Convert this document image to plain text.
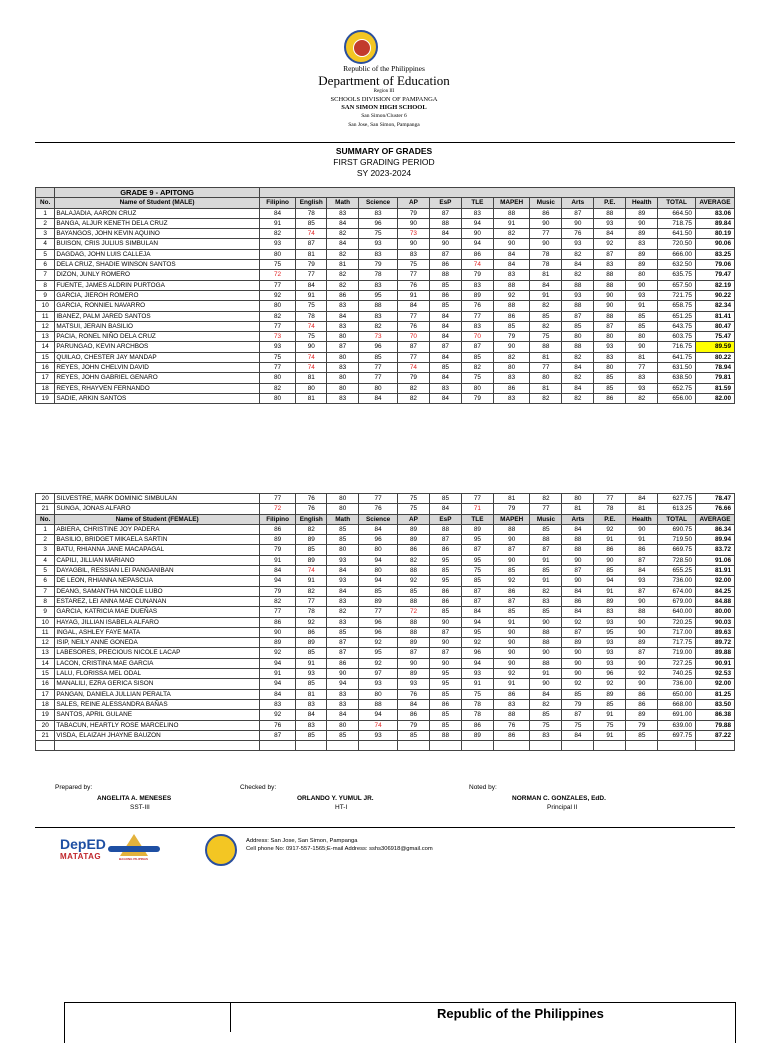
Republic of the Philippines
Department of Education
Region III
SCHOOLS DIVISION OF PAMPANGA
SAN SIMON HIGH SCHOOL
San Simon/Cluster 6
San Jose, San Simon, Pampanga
SUMMARY OF GRADES
FIRST GRADING PERIOD
SY 2023-2024
	GRADE 9 - APITONG														
No.	Name of Student (MALE)	Filipino	English	Math	Science	AP	EsP	TLE	MAPEH	Music	Arts	P.E.	Health	TOTAL	AVERAGE
1	BALAJADIA, AARON CRUZ	84	78	83	83	79	87	83	88	86	87	88	89	664.50	83.06
2	BANGA, ALJUR KENETH DELA CRUZ	91	85	84	96	90	88	94	91	90	90	93	90	718.75	89.84
3	BAYANGOS, JOHN KEVIN AQUINO	82	74	82	75	73	84	90	82	77	76	84	89	641.50	80.19
4	BUISON, CRIS JULIUS SIMBULAN	93	87	84	93	90	90	94	90	90	93	92	83	720.50	90.06
5	DAGDAG, JOHN LUIS CALLEJA	80	81	82	83	83	87	86	84	78	82	87	89	666.00	83.25
6	DELA CRUZ, SHADIE WINSON SANTOS	75	79	81	79	75	86	74	84	78	84	83	89	632.50	79.06
7	DIZON, JUNLY ROMERO	72	77	82	78	77	88	79	83	81	82	88	80	635.75	79.47
8	FUENTE, JAMES ALDRIN PURTOGA	77	84	82	83	76	85	83	88	84	88	88	90	657.50	82.19
9	GARCIA, JIEROH ROMERO	92	91	86	95	91	86	89	92	91	93	90	93	721.75	90.22
10	GARCIA, RONNIEL NAVARRO	80	75	83	88	84	85	76	88	82	88	90	91	658.75	82.34
11	IBANEZ, PALM JARED SANTOS	82	78	84	83	77	84	77	86	85	87	88	85	651.25	81.41
12	MATSUI, JERAIN BASILIO	77	74	83	82	76	84	83	85	82	85	87	85	643.75	80.47
13	PACIA, RONEL NIÑO DELA CRUZ	73	75	80	73	70	84	70	79	75	80	80	80	603.75	75.47
14	PARUNGAO, KEVIN ARCHBOS	93	90	87	96	87	87	87	90	88	88	93	90	716.75	89.59
15	QUILAO, CHESTER JAY MANDAP	75	74	80	85	77	84	85	82	81	82	83	81	641.75	80.22
16	REYES, JOHN CHELVIN DAVID	77	74	83	77	74	85	82	80	77	84	80	77	631.50	78.94
17	REYES, JOHN GABRIEL GENARO	80	81	80	77	79	84	75	83	80	82	85	83	638.50	79.81
18	REYES, RHAYVEN FERNANDO	82	80	80	80	82	83	80	86	81	84	85	93	652.75	81.59
19	SADIE, ARKIN SANTOS	80	81	83	84	82	84	79	83	82	82	86	82	656.00	82.00
20	SILVESTRE, MARK DOMINIC SIMBULAN	77	76	80	77	75	85	77	81	82	80	77	84	627.75	78.47
21	SUNGA, JONAS ALFARO	72	76	80	76	75	84	71	79	77	81	78	81	613.25	76.66
No.	Name of Student (FEMALE)	Filipino	English	Math	Science	AP	EsP	TLE	MAPEH	Music	Arts	P.E.	Health	TOTAL	AVERAGE
1	ABIERA, CHRISTINE JOY PADERA	86	82	85	84	89	88	89	88	85	84	92	90	690.75	86.34
2	BASILIO, BRIDGET MIKAELA SARTIN	89	89	85	96	89	87	95	90	88	88	91	91	719.50	89.94
3	BATU, RHIANNA JANE MACAPAGAL	79	85	80	80	86	86	87	87	87	88	86	86	669.75	83.72
4	CAPILI, JILLIAN MARIANO	91	89	93	94	82	95	95	90	91	90	90	87	728.50	91.06
5	DAYAGBIL, RESSIAN LEI PANGANIBAN	84	74	84	80	88	85	75	85	85	87	85	84	655.25	81.91
6	DE LEON, RHIANNA NEPASCUA	94	91	93	94	92	95	85	92	91	90	94	93	736.00	92.00
7	DEANG, SAMANTHA NICOLE LUBO	79	82	84	85	85	86	87	86	82	84	91	87	674.00	84.25
8	ESTAREZ, LEI ANNA MAE CUNANAN	82	77	83	89	88	86	87	87	83	86	89	90	679.00	84.88
9	GARCIA, KATRICIA MAE DUEÑAS	77	78	82	77	72	85	84	85	85	84	83	88	640.00	80.00
10	HAYAG, JILLIAN ISABELA ALFARO	86	92	83	96	88	90	94	91	90	92	93	90	720.25	90.03
11	INGAL, ASHLEY FAYE MATA	90	86	85	96	88	87	95	90	88	87	95	90	717.00	89.63
12	ISIP, NEILY ANNE GONEDA	89	89	87	92	89	90	92	90	88	89	93	89	717.75	89.72
13	LABESORES, PRECIOUS NICOLE LACAP	92	85	87	95	87	87	96	90	90	90	93	87	719.00	89.88
14	LACON, CRISTINA MAE GARCIA	94	91	86	92	90	90	94	90	88	90	93	90	727.25	90.91
15	LALU, FLORISSA MEL ODAL	91	93	90	97	89	95	93	92	91	90	96	92	740.25	92.53
16	MANALILI, EZRA GERICA SISON	94	85	94	93	93	95	91	91	90	92	92	90	736.00	92.00
17	PANGAN, DANIELA JULLIAN PERALTA	84	81	83	80	76	85	75	86	84	85	89	86	650.00	81.25
18	SALES, REINE ALESSANDRA BAÑAS	83	83	83	88	84	86	78	83	82	79	85	86	668.00	83.50
19	SANTOS, APRIL GULANE	92	84	84	94	86	85	78	88	85	87	91	89	691.00	86.38
20	TABACUN, HEARTLY ROSE MARCELINO	76	83	80	74	79	85	86	76	75	75	75	79	639.00	79.88
21	VISDA, ELAIZAH JHAYNE BAUZON	87	85	85	93	85	88	89	86	83	84	91	85	697.75	87.22

Prepared by:
ANGELITA A. MENESES
SST-III
Checked by:
ORLANDO Y. YUMUL JR.
HT-I
Noted by:
NORMAN C. GONZALES, EdD.
Principal II
DepED
MATATAG	BAGONG PILIPINAS
Address: San Jose, San Simon, Pampanga
Cell phone No: 0917-557-1565;E-mail Address: sshs306918@gmail.com
Republic of the Philippines
